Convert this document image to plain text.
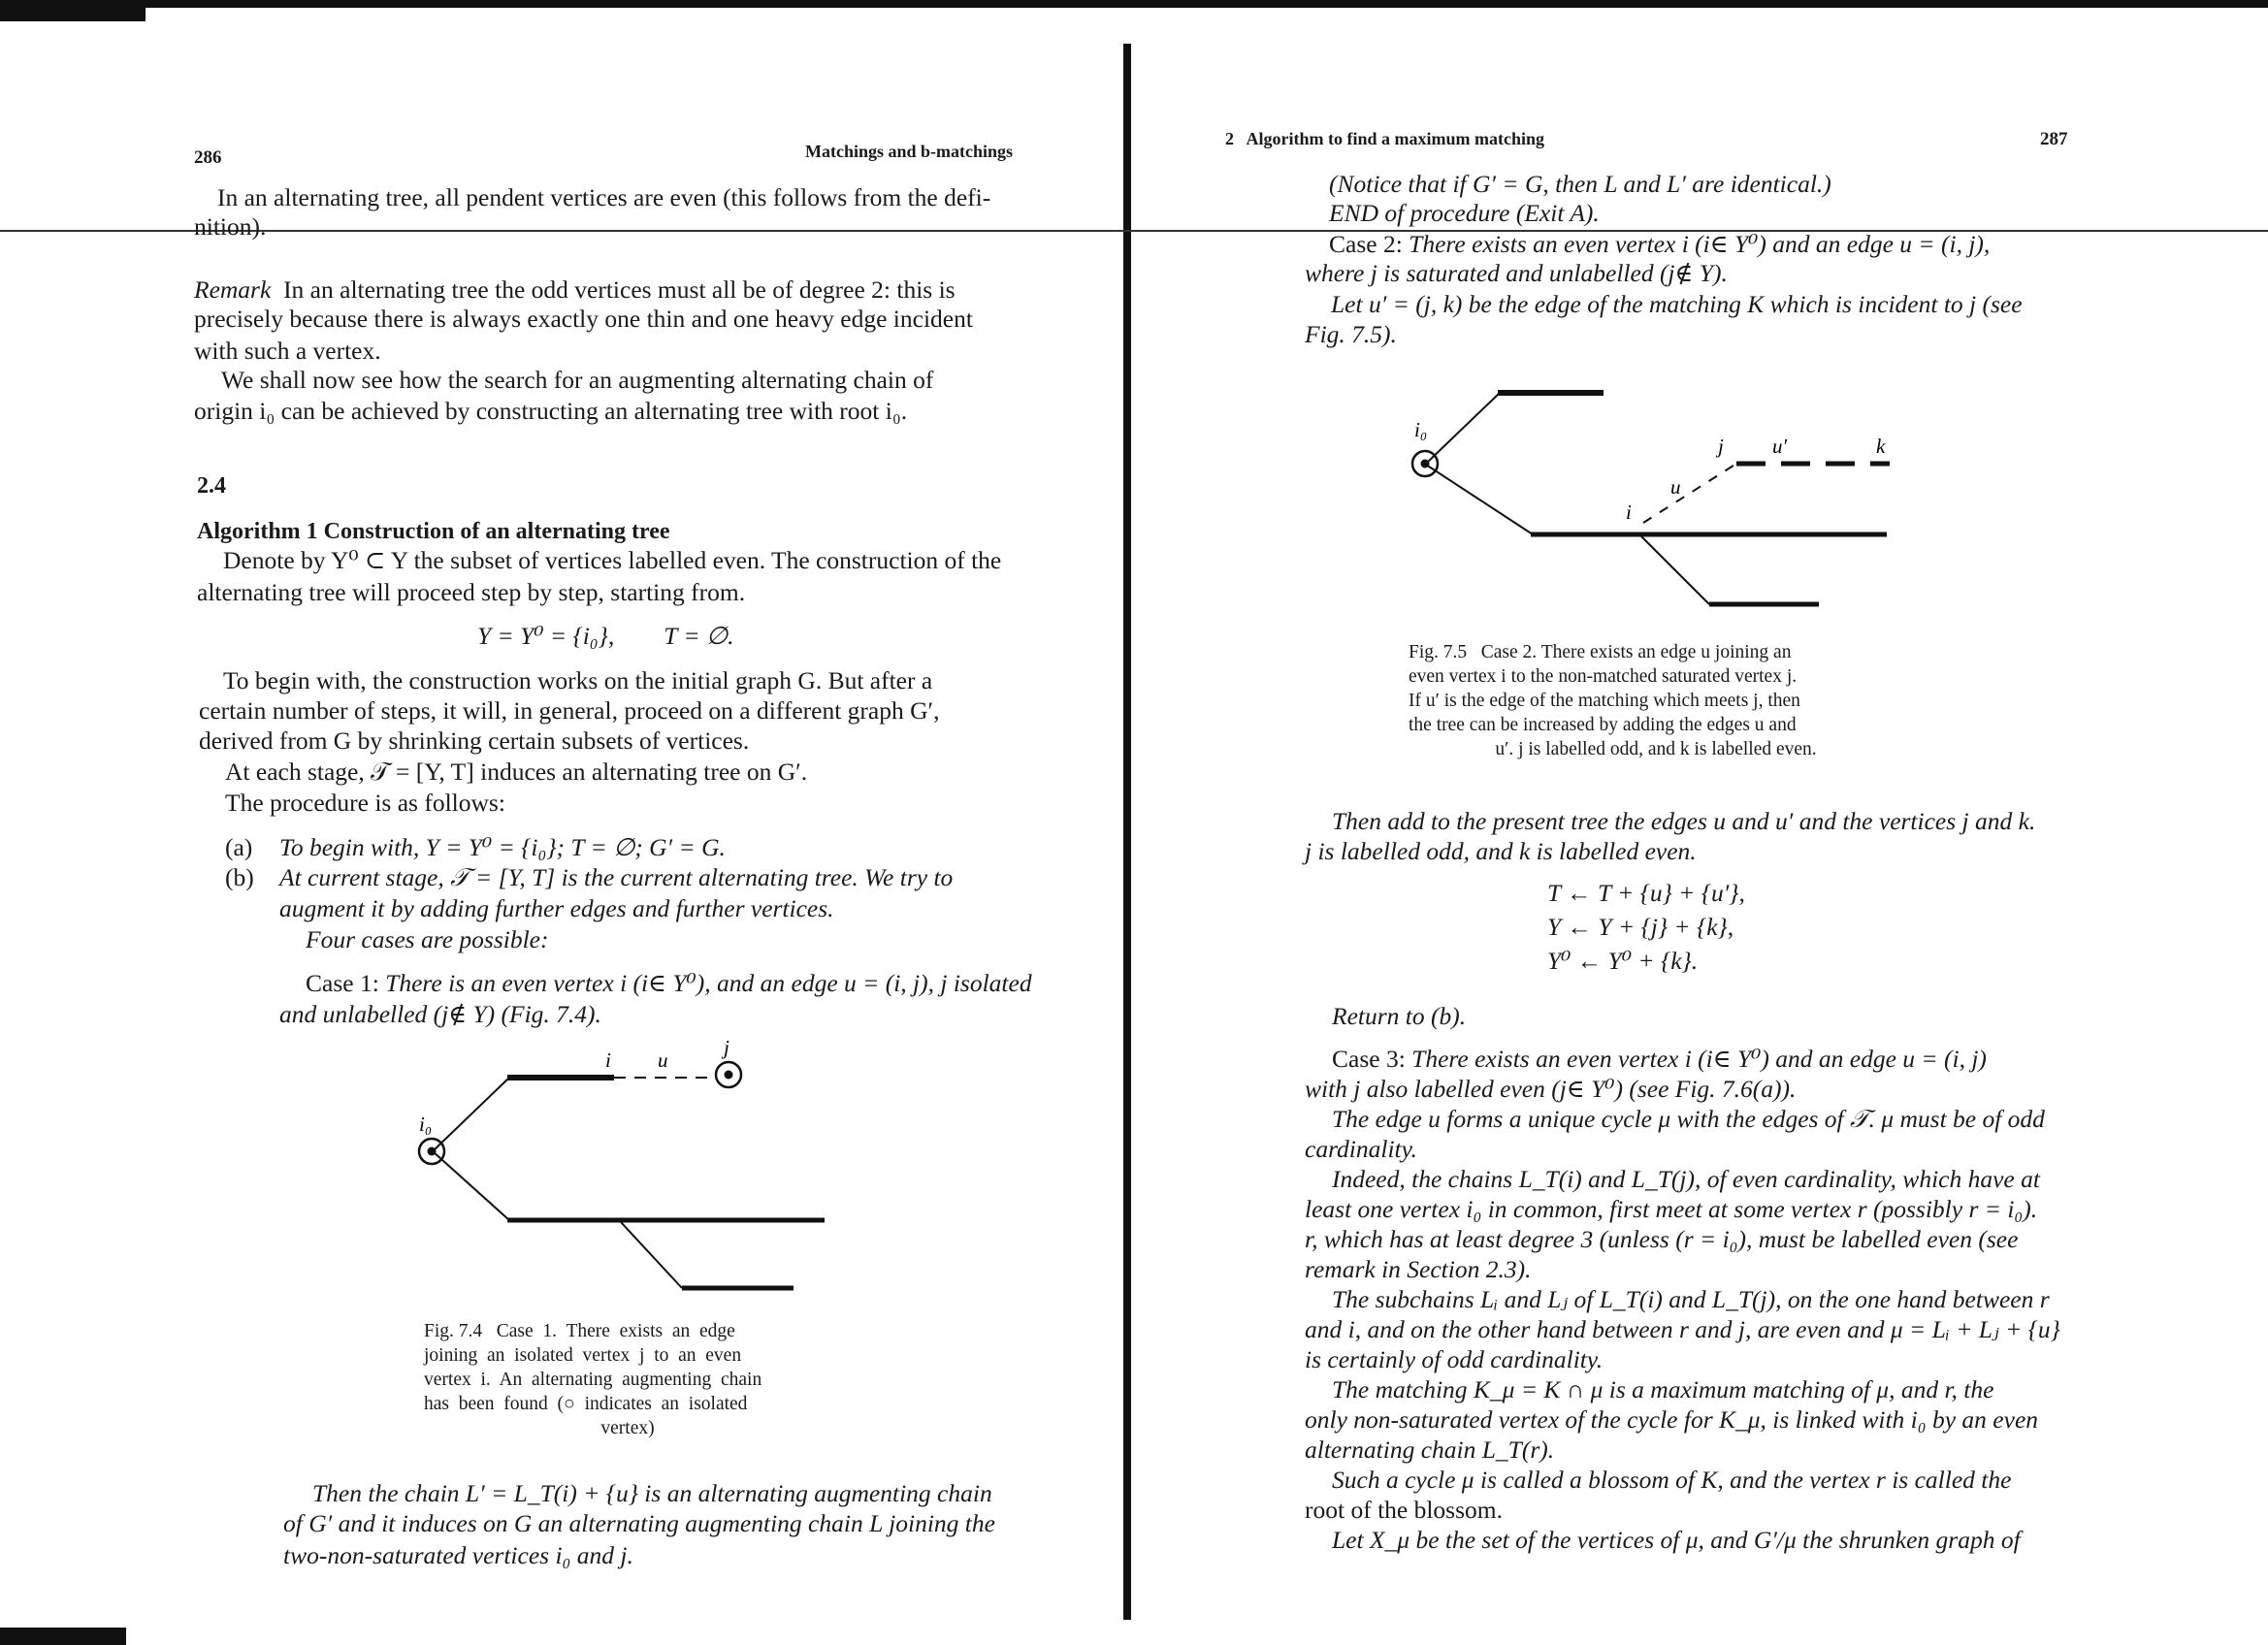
286	Matchings and b-matchings
In an alternating tree, all pendent vertices are even (this follows from the defi-
nition).
Remark In an alternating tree the odd vertices must all be of degree 2: this is
precisely because there is always exactly one thin and one heavy edge incident
with such a vertex.
We shall now see how the search for an augmenting alternating chain of
origin i₀ can be achieved by constructing an alternating tree with root i₀.
2.4
Algorithm 1 Construction of an alternating tree
Denote by Y⁰ ⊂ Y the subset of vertices labelled even. The construction of the
alternating tree will proceed step by step, starting from.
Y = Y⁰ = {i₀},        T = ∅.
To begin with, the construction works on the initial graph G. But after a
certain number of steps, it will, in general, proceed on a different graph G′,
derived from G by shrinking certain subsets of vertices.
At each stage, 𝒯 = [Y, T] induces an alternating tree on G′.
The procedure is as follows:
(a) To begin with, Y = Y⁰ = {i₀}; T = ∅; G′ = G.
(b) At current stage, 𝒯 = [Y, T] is the current alternating tree. We try to
augment it by adding further edges and further vertices.
Four cases are possible:
Case 1: There is an even vertex i (i∈ Y⁰), and an edge u = (i, j), j isolated
and unlabelled (j∉ Y) (Fig. 7.4).
i u
j
i₀
Fig. 7.4   Case  1.  There  exists  an  edge
joining  an  isolated  vertex  j  to  an  even
vertex  i.  An  alternating  augmenting  chain
has  been  found  (○  indicates  an  isolated
vertex)
Then the chain L′ = L_T(i) + {u} is an alternating augmenting chain
of G′ and it induces on G an alternating augmenting chain L joining the
two-non-saturated vertices i₀ and j.
2   Algorithm to find a maximum matching	287
(Notice that if G′ = G, then L and L′ are identical.)
END of procedure (Exit A).
Case 2: There exists an even vertex i (i∈ Y⁰) and an edge u = (i, j),
where j is saturated and unlabelled (j∉ Y).
Let u′ = (j, k) be the edge of the matching K which is incident to j (see
Fig. 7.5).
i₀
j u′	k
u
i
Fig. 7.5   Case 2. There exists an edge u joining an
even vertex i to the non-matched saturated vertex j.
If u′ is the edge of the matching which meets j, then
the tree can be increased by adding the edges u and
u′. j is labelled odd, and k is labelled even.
Then add to the present tree the edges u and u′ and the vertices j and k.
j is labelled odd, and k is labelled even.
T ← T + {u} + {u′},
Y ← Y + {j} + {k},
Y⁰ ← Y⁰ + {k}.
Return to (b).
Case 3: There exists an even vertex i (i∈ Y⁰) and an edge u = (i, j)
with j also labelled even (j∈ Y⁰) (see Fig. 7.6(a)).
The edge u forms a unique cycle μ with the edges of 𝒯. μ must be of odd
cardinality.
Indeed, the chains L_T(i) and L_T(j), of even cardinality, which have at
least one vertex i₀ in common, first meet at some vertex r (possibly r = i₀).
r, which has at least degree 3 (unless (r = i₀), must be labelled even (see
remark in Section 2.3).
The subchains Lᵢ and Lⱼ of L_T(i) and L_T(j), on the one hand between r
and i, and on the other hand between r and j, are even and μ = Lᵢ + Lⱼ + {u}
is certainly of odd cardinality.
The matching K_μ = K ∩ μ is a maximum matching of μ, and r, the
only non-saturated vertex of the cycle for K_μ, is linked with i₀ by an even
alternating chain L_T(r).
Such a cycle μ is called a blossom of K, and the vertex r is called the
root of the blossom.
Let X_μ be the set of the vertices of μ, and G′/μ the shrunken graph of
